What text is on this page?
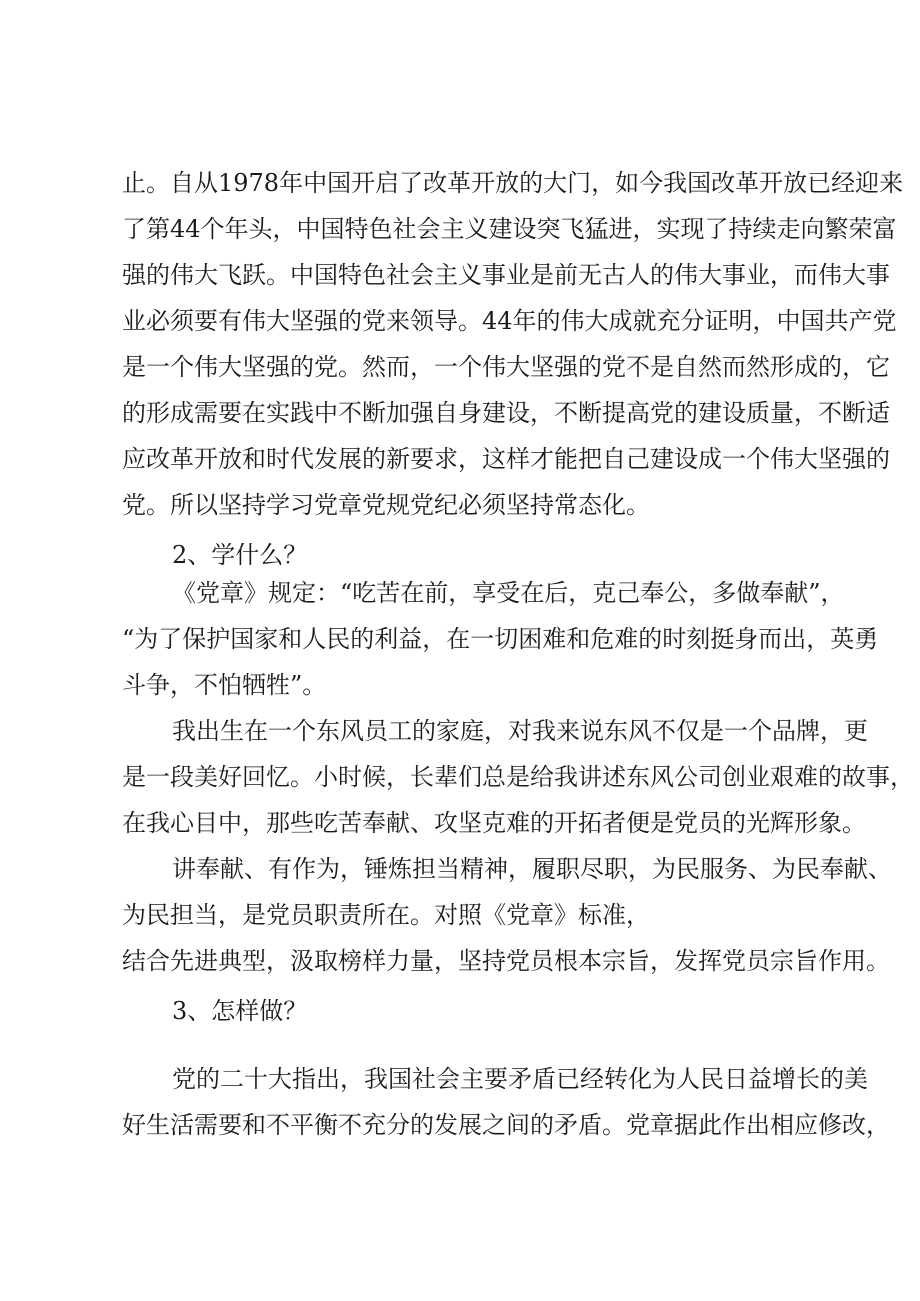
止。自从1978年中国开启了改革开放的大门，如今我国改革开放已经迎来
了第44个年头，中国特色社会主义建设突飞猛进，实现了持续走向繁荣富
强的伟大飞跃。中国特色社会主义事业是前无古人的伟大事业，而伟大事
业必须要有伟大坚强的党来领导。44年的伟大成就充分证明，中国共产党
是一个伟大坚强的党。然而，一个伟大坚强的党不是自然而然形成的，它
的形成需要在实践中不断加强自身建设，不断提高党的建设质量，不断适
应改革开放和时代发展的新要求，这样才能把自己建设成一个伟大坚强的
党。所以坚持学习党章党规党纪必须坚持常态化。
2、学什么？
《党章》规定：“吃苦在前，享受在后，克己奉公，多做奉献”，
“为了保护国家和人民的利益，在一切困难和危难的时刻挺身而出，英勇
斗争，不怕牺牲”。
我出生在一个东风员工的家庭，对我来说东风不仅是一个品牌，更
是一段美好回忆。小时候，长辈们总是给我讲述东风公司创业艰难的故事，
在我心目中，那些吃苦奉献、攻坚克难的开拓者便是党员的光辉形象。
讲奉献、有作为，锤炼担当精神，履职尽职，为民服务、为民奉献、
为民担当，是党员职责所在。对照《党章》标准，
结合先进典型，汲取榜样力量，坚持党员根本宗旨，发挥党员宗旨作用。
3、怎样做？
党的二十大指出，我国社会主要矛盾已经转化为人民日益增长的美
好生活需要和不平衡不充分的发展之间的矛盾。党章据此作出相应修改，
